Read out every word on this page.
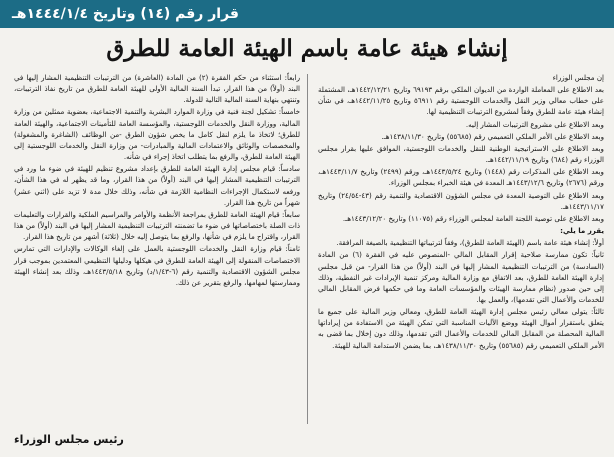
قرار رقم (١٤) وتاريخ ١٤٤٤/١/٤هـ
إنشاء هيئة عامة باسم الهيئة العامة للطرق

إن مجلس الوزراء

بعد الاطلاع على المعاملة الواردة من الديوان الملكي برقم ٦٩١٩٣ وتاريخ ١٤٤٢/١٢/٢١هـ، المشتملة على خطاب معالي وزير النقل والخدمات اللوجستية رقم ٥٦٩١١ وتاريخ ١٤٤٢/١١/٢٥هـ، في شأن إنشاء هيئة عامة للطرق وفقاً لمشروع الترتيبات التنظيمية لها.

وبعد الاطلاع على مشروع الترتيبات المشار إليه.

وبعد الاطلاع على الأمر الملكي التعميمي رقم (٥٥٦٨٥) وتاريخ ١٤٣٨/١١/٣٠هـ.

وبعد الاطلاع على الاستراتيجية الوطنية للنقل والخدمات اللوجستية، الموافق عليها بقرار مجلس الوزراء رقم (٦٨٤) وتاريخ ١٤٤٢/١١/١٩هـ.

وبعد الاطلاع على المذكرات رقم (١٤٤٨) وتاريخ ١٤٤٣/٥/٢٤هـ، ورقم (٢٤٩٩) وتاريخ ١٤٤٣/١١/٧هـ، ورقم (٢٦٧٦) وتاريخ ١٤٤٣/١٢/٦هـ المعدة في هيئة الخبراء بمجلس الوزراء.

وبعد الاطلاع على التوصية المعدة في مجلس الشؤون الاقتصادية والتنمية رقم (٤٣-٢٤/٥٤) وتاريخ ١٤٤٣/١١/١٧هـ.

وبعد الاطلاع على توصية اللجنة العامة لمجلس الوزراء رقم (١١٠٧٥) وتاريخ ١٤٤٣/١٢/٢٠هـ.

يقرر ما يلي:

أولاً: إنشاء هيئة عامة باسم (الهيئة العامة للطرق)، وفقاً لترتيباتها التنظيمية بالصيغة المرافقة.

ثانياً: تكون ممارسة صلاحية إقرار المقابل المالي -المنصوص عليه في الفقرة (٦) من المادة (السادسة) من الترتيبات التنظيمية المشار إليها في البند (أولاً) من هذا القرار- من قبل مجلس إدارة الهيئة العامة للطرق، بعد الاتفاق مع وزارة المالية ومركز تنمية الإيرادات غير النفطية، وذلك إلى حين صدور (نظام ممارسة الهيئات والمؤسسات العامة وما في حكمها فرض المقابل المالي للخدمات والأعمال التي تقدمها)، والعمل بها.

ثالثاً: يتولى معالي رئيس مجلس إدارة الهيئة العامة للطرق، ومعالي وزير المالية على جميع ما يتعلق باستقرار أموال الهيئة ووضع الآليات المناسبة التي تمكن الهيئة من الاستفادة من إيراداتها المالية المحصلة من المقابل المالي للخدمات والأعمال التي تقدمها، وذلك دون إخلال بما قضى به الأمر الملكي التعميمي رقم (٥٥٦٨٥) وتاريخ ١٤٣٨/١١/٣٠هـ، بما يضمن الاستدامة المالية للهيئة.

رابعاً: استثناء من حكم الفقرة (٢) من المادة (العاشرة) من الترتيبات التنظيمية المشار إليها في البند (أولاً) من هذا القرار، تبدأ السنة المالية الأولى للهيئة العامة للطرق من تاريخ نفاذ الترتيبات، وتنتهي بنهاية السنة المالية التالية للدولة.

خامساً: تشكيل لجنة فنية في وزارة الموارد البشرية والتنمية الاجتماعية، بعضوية ممثلين من وزارة المالية، ووزارة النقل والخدمات اللوجستية، والمؤسسة العامة للتأمينات الاجتماعية، والهيئة العامة للطرق؛ لاتخاذ ما يلزم لنقل كامل ما يخص شؤون الطرق -من الوظائف (الشاغرة والمشغولة) والمخصصات والوثائق والاعتمادات المالية والمبادرات- من وزارة النقل والخدمات اللوجستية إلى الهيئة العامة للطرق، والرفع بما يتطلب اتخاذ إجراء في شأنه.

سادساً: قيام مجلس إدارة الهيئة العامة للطرق بإعداد مشروع تنظيم للهيئة في ضوء ما ورد في الترتيبات التنظيمية المشار إليها في البند (أولاً) من هذا القرار، وما قد يظهر له في هذا الشأن، ورفعه لاستكمال الإجراءات النظامية اللازمة في شأنه، وذلك خلال مدة لا تزيد على (اثني عشر) شهراً من تاريخ هذا القرار.

سابعاً: قيام الهيئة العامة للطرق بمراجعة الأنظمة والأوامر والمراسيم الملكية والقرارات والتعليمات ذات الصلة باختصاصاتها في ضوء ما تضمنته الترتيبات التنظيمية المشار إليها في البند (أولاً) من هذا القرار، واقتراح ما يلزم في شأنها، والرفع بما يتوصل إليه خلال (ثلاثة) أشهر من تاريخ هذا القرار.

ثامناً: قيام وزارة النقل والخدمات اللوجستية بالعمل على إلغاء الوكالات والإدارات التي تمارس الاختصاصات المنقولة إلى الهيئة العامة للطرق في هيكلها ودليلها التنظيمي المعتمدين بموجب قرار مجلس الشؤون الاقتصادية والتنمية رقم (٦-١/٤٣/د) وتاريخ ١٤٤٣/٥/١٨هـ، وذلك بعد إنشاء الهيئة وممارستها لمهامها، والرفع بتقرير عن ذلك.

رئيس مجلس الوزراء
